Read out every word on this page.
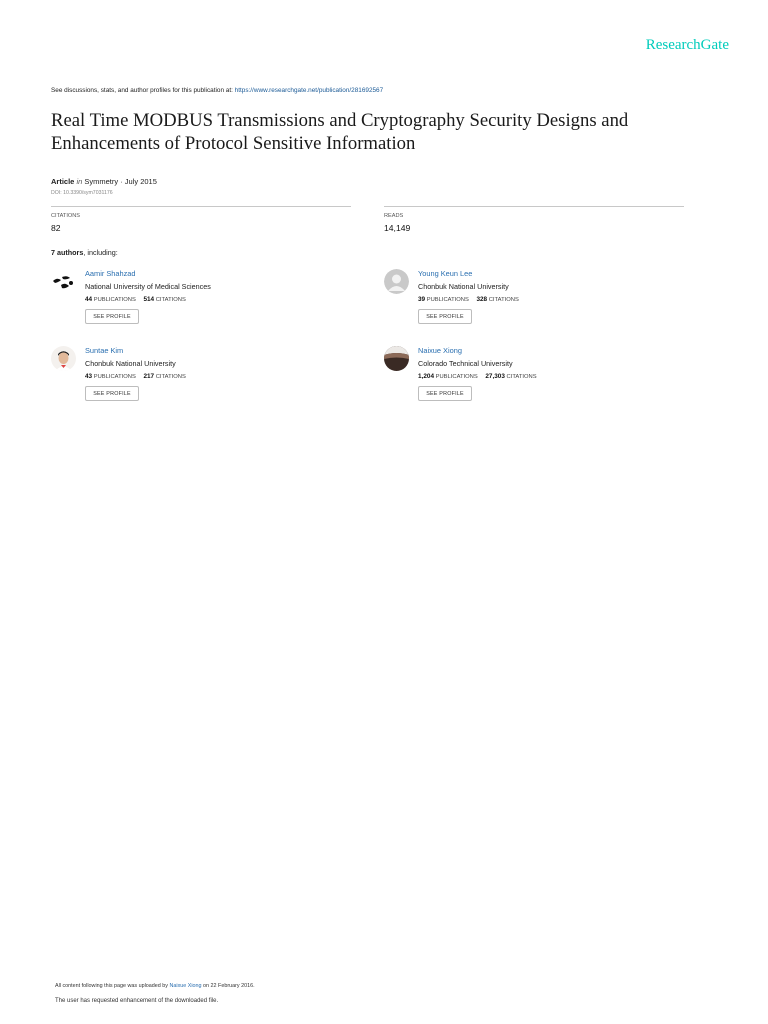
ResearchGate
See discussions, stats, and author profiles for this publication at: https://www.researchgate.net/publication/281692567
Real Time MODBUS Transmissions and Cryptography Security Designs and Enhancements of Protocol Sensitive Information
Article in Symmetry · July 2015
DOI: 10.3390/sym7031176
CITATIONS
82
READS
14,149
7 authors, including:
Aamir Shahzad
National University of Medical Sciences
44 PUBLICATIONS 514 CITATIONS
SEE PROFILE
Young Keun Lee
Chonbuk National University
39 PUBLICATIONS 328 CITATIONS
SEE PROFILE
Suntae Kim
Chonbuk National University
43 PUBLICATIONS 217 CITATIONS
SEE PROFILE
Naixue Xiong
Colorado Technical University
1,204 PUBLICATIONS 27,303 CITATIONS
SEE PROFILE
All content following this page was uploaded by Naixue Xiong on 22 February 2016.
The user has requested enhancement of the downloaded file.
